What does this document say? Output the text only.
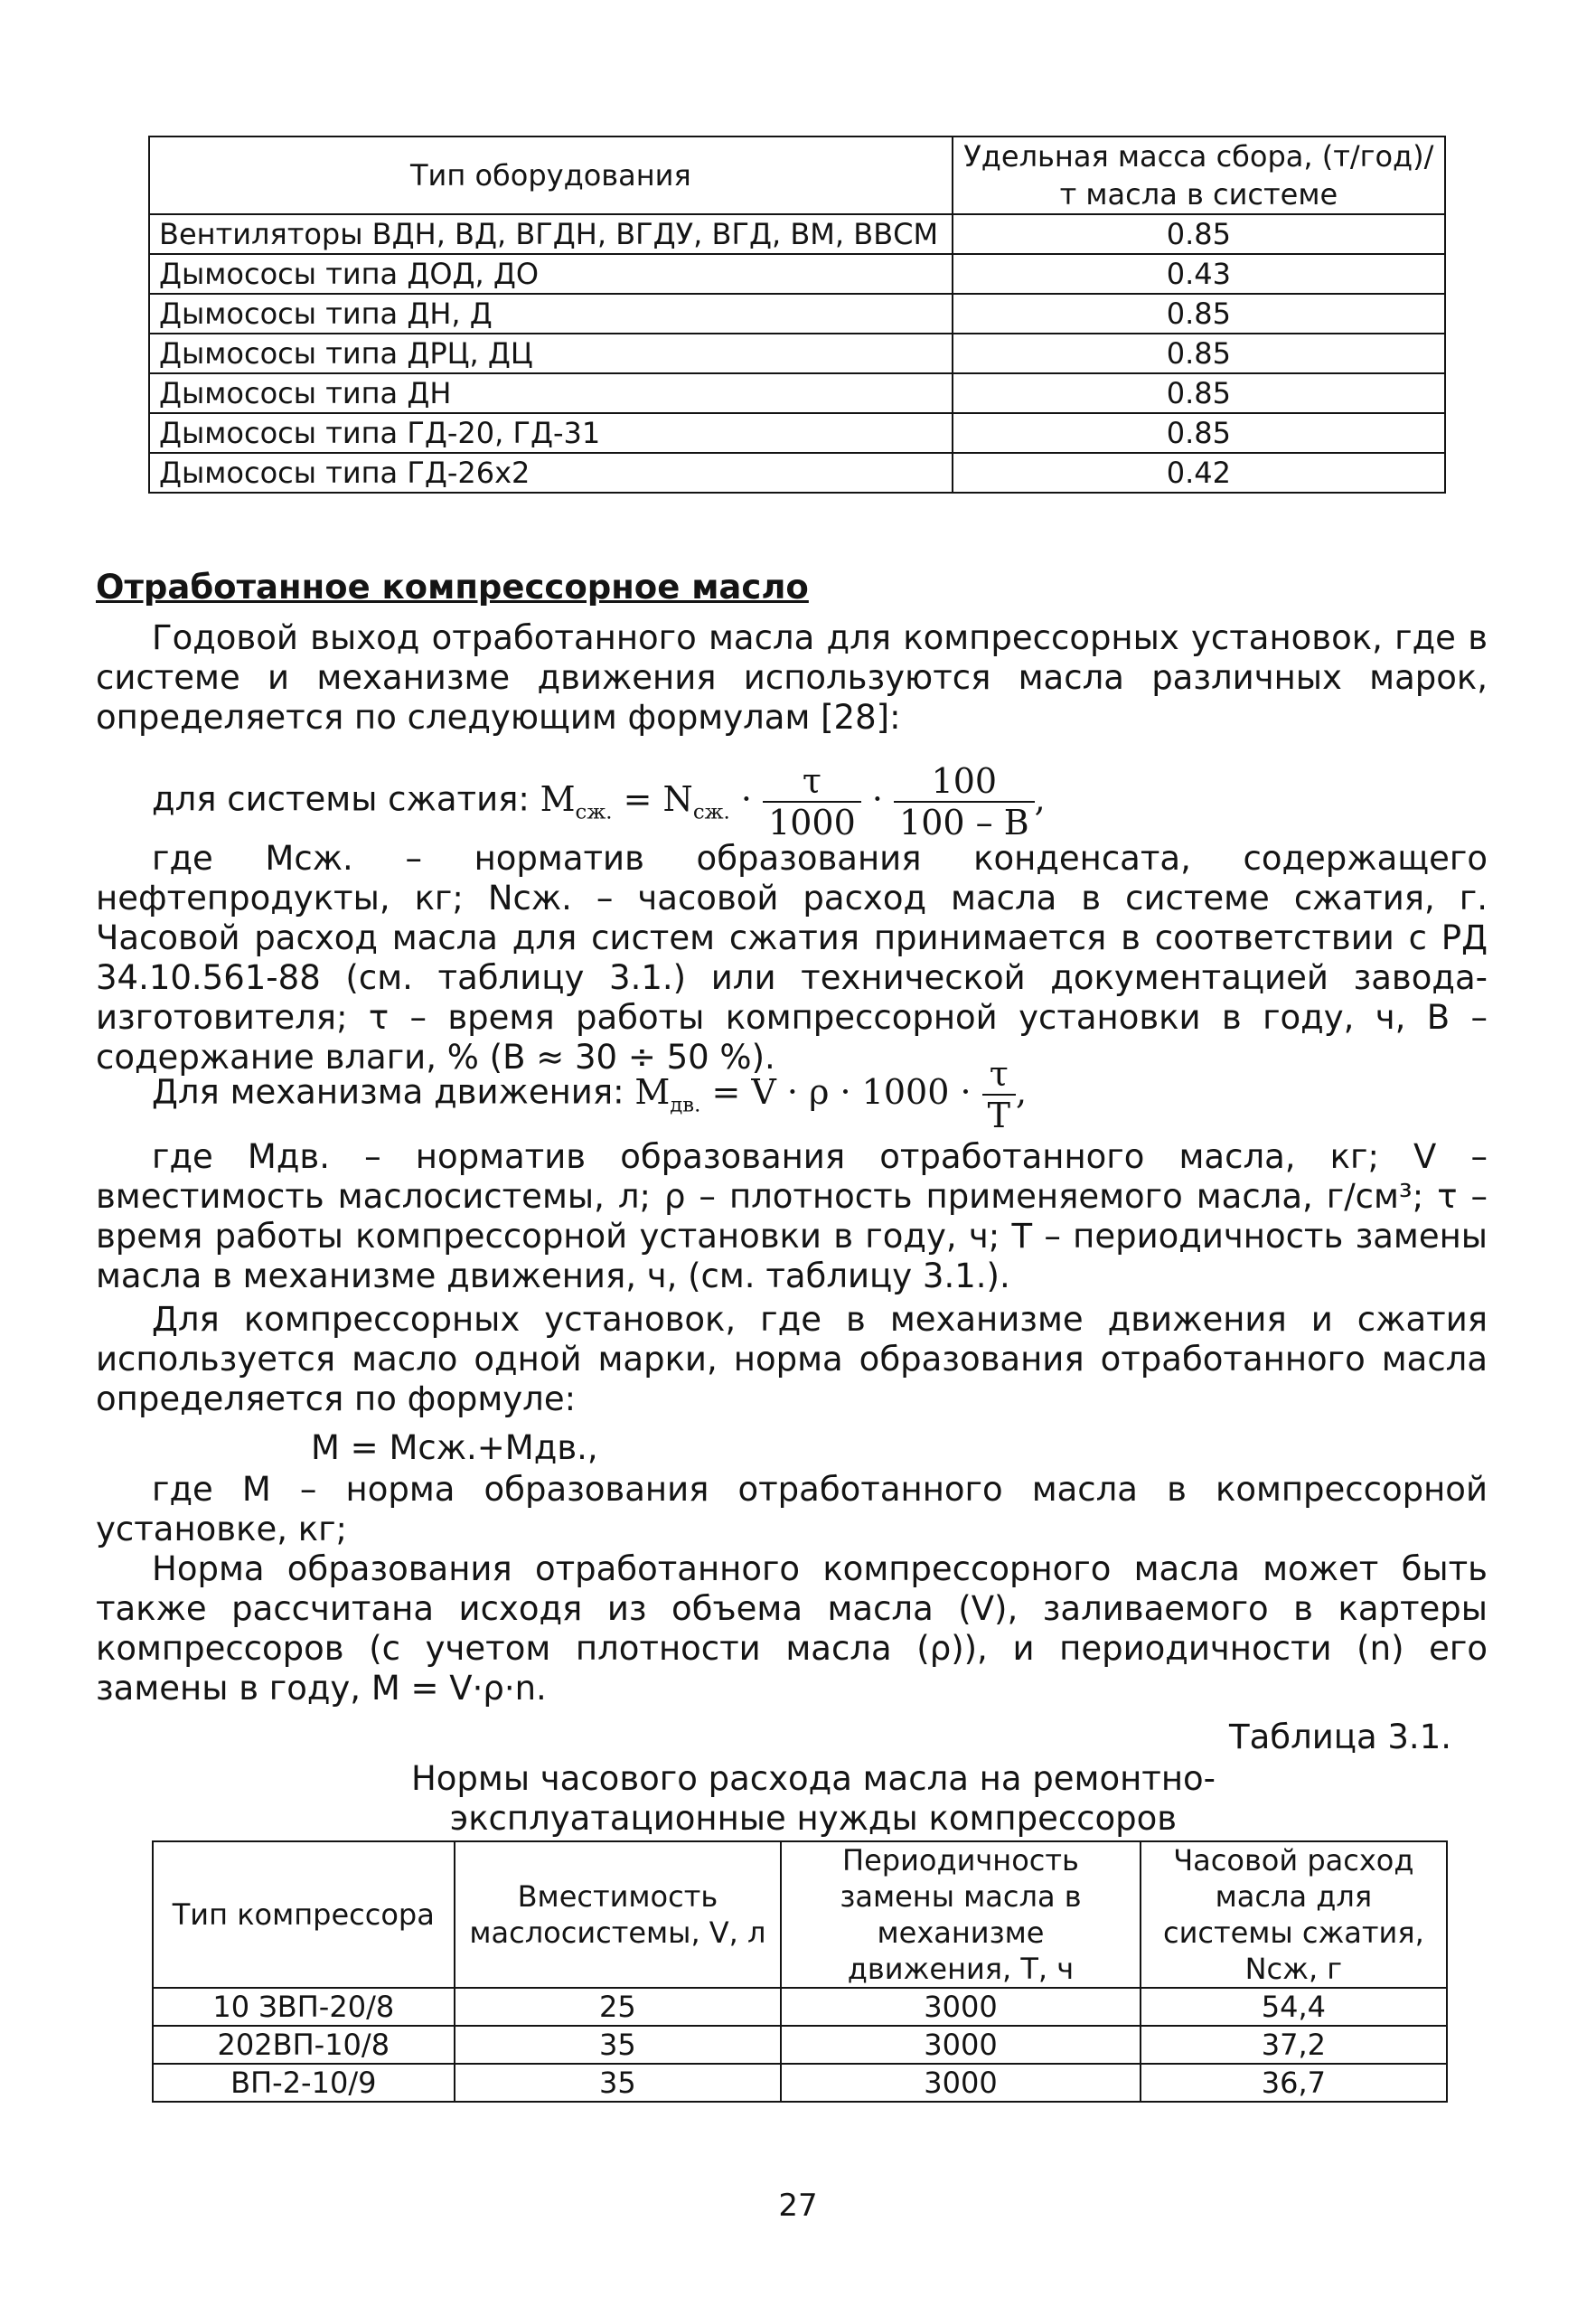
Тип оборудования	Удельная масса сбора, (т/год)/т масла в системе
Вентиляторы ВДН, ВД, ВГДН, ВГДУ, ВГД, ВМ, ВВСМ	0.85
Дымососы типа ДОД, ДО	0.43
Дымососы типа ДН, Д	0.85
Дымососы типа ДРЦ, ДЦ	0.85
Дымососы типа ДН	0.85
Дымососы типа ГД-20, ГД-31	0.85
Дымососы типа ГД-26х2	0.42
Отработанное компрессорное масло
Годовой выход отработанного масла для компрессорных установок, где в системе и механизме движения используются масла различных марок, определяется по следующим формулам [28]:
для системы сжатия: $M_{сж.} = N_{сж.} \cdot \frac{\tau}{1000} \cdot \frac{100}{100 - B}$ ,
где Mсж. – норматив образования конденсата, содержащего нефтепродукты, кг; Nсж. – часовой расход масла в системе сжатия, г. Часовой расход масла для систем сжатия принимается в соответствии с РД 34.10.561-88 (см. таблицу 3.1.) или технической документацией завода-изготовителя; τ – время работы компрессорной установки в году, ч, В – содержание влаги, % (В ≈ 30 ÷ 50 %).
Для механизма движения: $M_{дв.} = V \cdot \rho \cdot 1000 \cdot \frac{\tau}{T}$ ,
где Mдв. – норматив образования отработанного масла, кг; V – вместимость маслосистемы, л; ρ – плотность применяемого масла, г/см³; τ – время работы компрессорной установки в году, ч; Т – периодичность замены масла в механизме движения, ч, (см. таблицу 3.1.).
Для компрессорных установок, где в механизме движения и сжатия используется масло одной марки, норма образования отработанного масла определяется по формуле:
M = Mсж.+Mдв.,
где M – норма образования отработанного масла в компрессорной установке, кг;
Норма образования отработанного компрессорного масла может быть также рассчитана исходя из объема масла (V), заливаемого в картеры компрессоров (с учетом плотности масла (ρ)), и периодичности (n) его замены в году, M = V·ρ·n.
Таблица 3.1.
Нормы часового расхода масла на ремонтно-эксплуатационные нужды компрессоров
Тип компрессора	Вместимость маслосистемы, V, л	Периодичность замены масла в механизме движения, Т, ч	Часовой расход масла для системы сжатия, Nсж, г
10 ЗВП-20/8	25	3000	54,4
202ВП-10/8	35	3000	37,2
ВП-2-10/9	35	3000	36,7
27
